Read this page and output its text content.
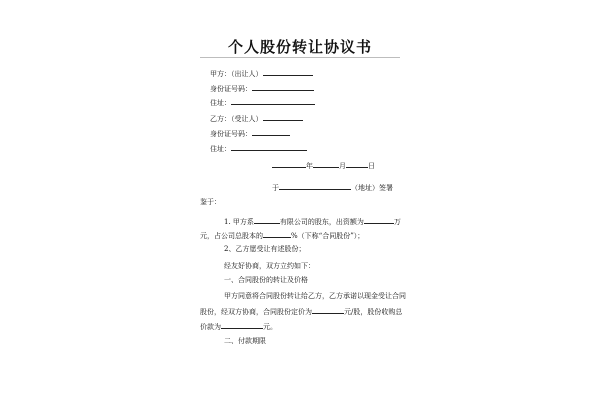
个人股份转让协议书
甲方：（出让人）
身份证号码：
住址：
乙方：（受让人）
身份证号码：
住址：
年	月	日
于	（地址）签署
鉴于：
1. 甲方系	有限公司的股东，出资额为	万
元，占公司总股本的	%（下称“合同股份”）；
2、乙方愿受让有述股份；
经友好协商，双方立约如下：
一、合同股份的转让及价格
甲方同意将合同股份转让给乙方，乙方承诺以现金受让合同
股份，经双方协商，合同股份定价为	元/股，股份收购总
价款为	元。
二、付款期限
